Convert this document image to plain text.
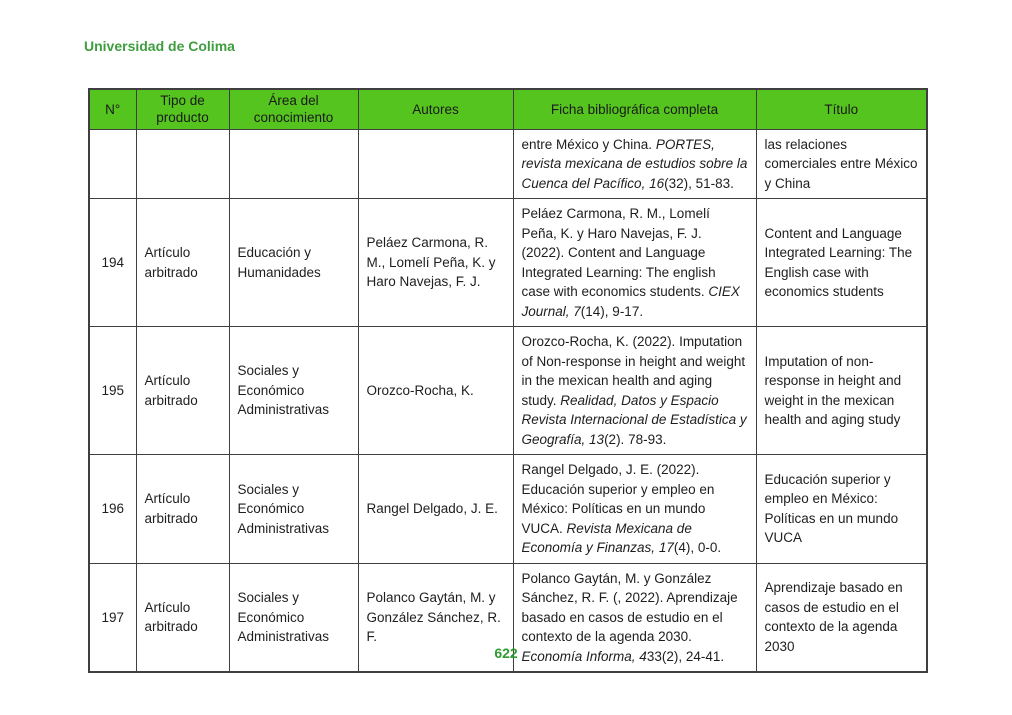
Universidad de Colima
N°	Tipo de producto	Área del conocimiento	Autores	Ficha bibliográfica completa	Título
				entre México y China. PORTES, revista mexicana de estudios sobre la Cuenca del Pacífico, 16(32), 51-83.	las relaciones comerciales entre México y China
194	Artículo arbitrado	Educación y Humanidades	Peláez Carmona, R. M., Lomelí Peña, K. y Haro Navejas, F. J.	Peláez Carmona, R. M., Lomelí Peña, K. y Haro Navejas, F. J. (2022). Content and Language Integrated Learning: The english case with economics students. CIEX Journal, 7(14), 9-17.	Content and Language Integrated Learning: The English case with economics students
195	Artículo arbitrado	Sociales y Económico Administrativas	Orozco-Rocha, K.	Orozco-Rocha, K. (2022). Imputation of Non-response in height and weight in the mexican health and aging study. Realidad, Datos y Espacio Revista Internacional de Estadística y Geografía, 13(2). 78-93.	Imputation of non-response in height and weight in the mexican health and aging study
196	Artículo arbitrado	Sociales y Económico Administrativas	Rangel Delgado, J. E.	Rangel Delgado, J. E. (2022). Educación superior y empleo en México: Políticas en un mundo VUCA. Revista Mexicana de Economía y Finanzas, 17(4), 0-0.	Educación superior y empleo en México: Políticas en un mundo VUCA
197	Artículo arbitrado	Sociales y Económico Administrativas	Polanco Gaytán, M. y González Sánchez, R. F.	Polanco Gaytán, M. y González Sánchez, R. F. (, 2022). Aprendizaje basado en casos de estudio en el contexto de la agenda 2030. Economía Informa, 433(2), 24-41.	Aprendizaje basado en casos de estudio en el contexto de la agenda 2030
622
